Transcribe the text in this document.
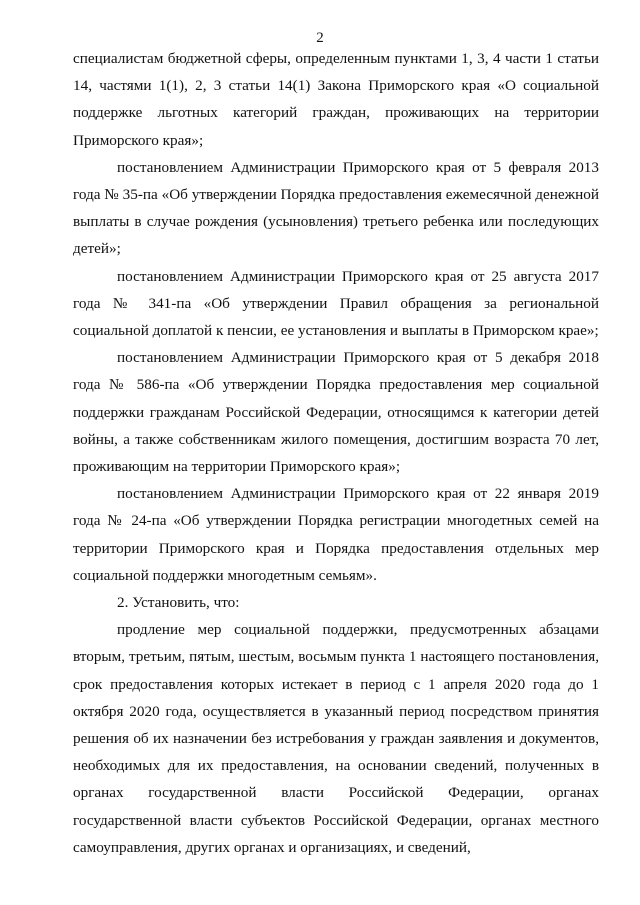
2

специалистам бюджетной сферы, определенным пунктами 1, 3, 4 части 1 статьи 14, частями 1(1), 2, 3 статьи 14(1) Закона Приморского края «О социальной поддержке льготных категорий граждан, проживающих на территории Приморского края»;

постановлением Администрации Приморского края от 5 февраля 2013 года № 35-па «Об утверждении Порядка предоставления ежемесячной денежной выплаты в случае рождения (усыновления) третьего ребенка или последующих детей»;

постановлением Администрации Приморского края от 25 августа 2017 года № 341-па «Об утверждении Правил обращения за региональной социальной доплатой к пенсии, ее установления и выплаты в Приморском крае»;

постановлением Администрации Приморского края от 5 декабря 2018 года № 586-па «Об утверждении Порядка предоставления мер социальной поддержки гражданам Российской Федерации, относящимся к категории детей войны, а также собственникам жилого помещения, достигшим возраста 70 лет, проживающим на территории Приморского края»;

постановлением Администрации Приморского края от 22 января 2019 года № 24-па «Об утверждении Порядка регистрации многодетных семей на территории Приморского края и Порядка предоставления отдельных мер социальной поддержки многодетным семьям».

2. Установить, что:

продление мер социальной поддержки, предусмотренных абзацами вторым, третьим, пятым, шестым, восьмым пункта 1 настоящего постановления, срок предоставления которых истекает в период с 1 апреля 2020 года до 1 октября 2020 года, осуществляется в указанный период посредством принятия решения об их назначении без истребования у граждан заявления и документов, необходимых для их предоставления, на основании сведений, полученных в органах государственной власти Российской Федерации, органах государственной власти субъектов Российской Федерации, органах местного самоуправления, других органах и организациях, и сведений,
